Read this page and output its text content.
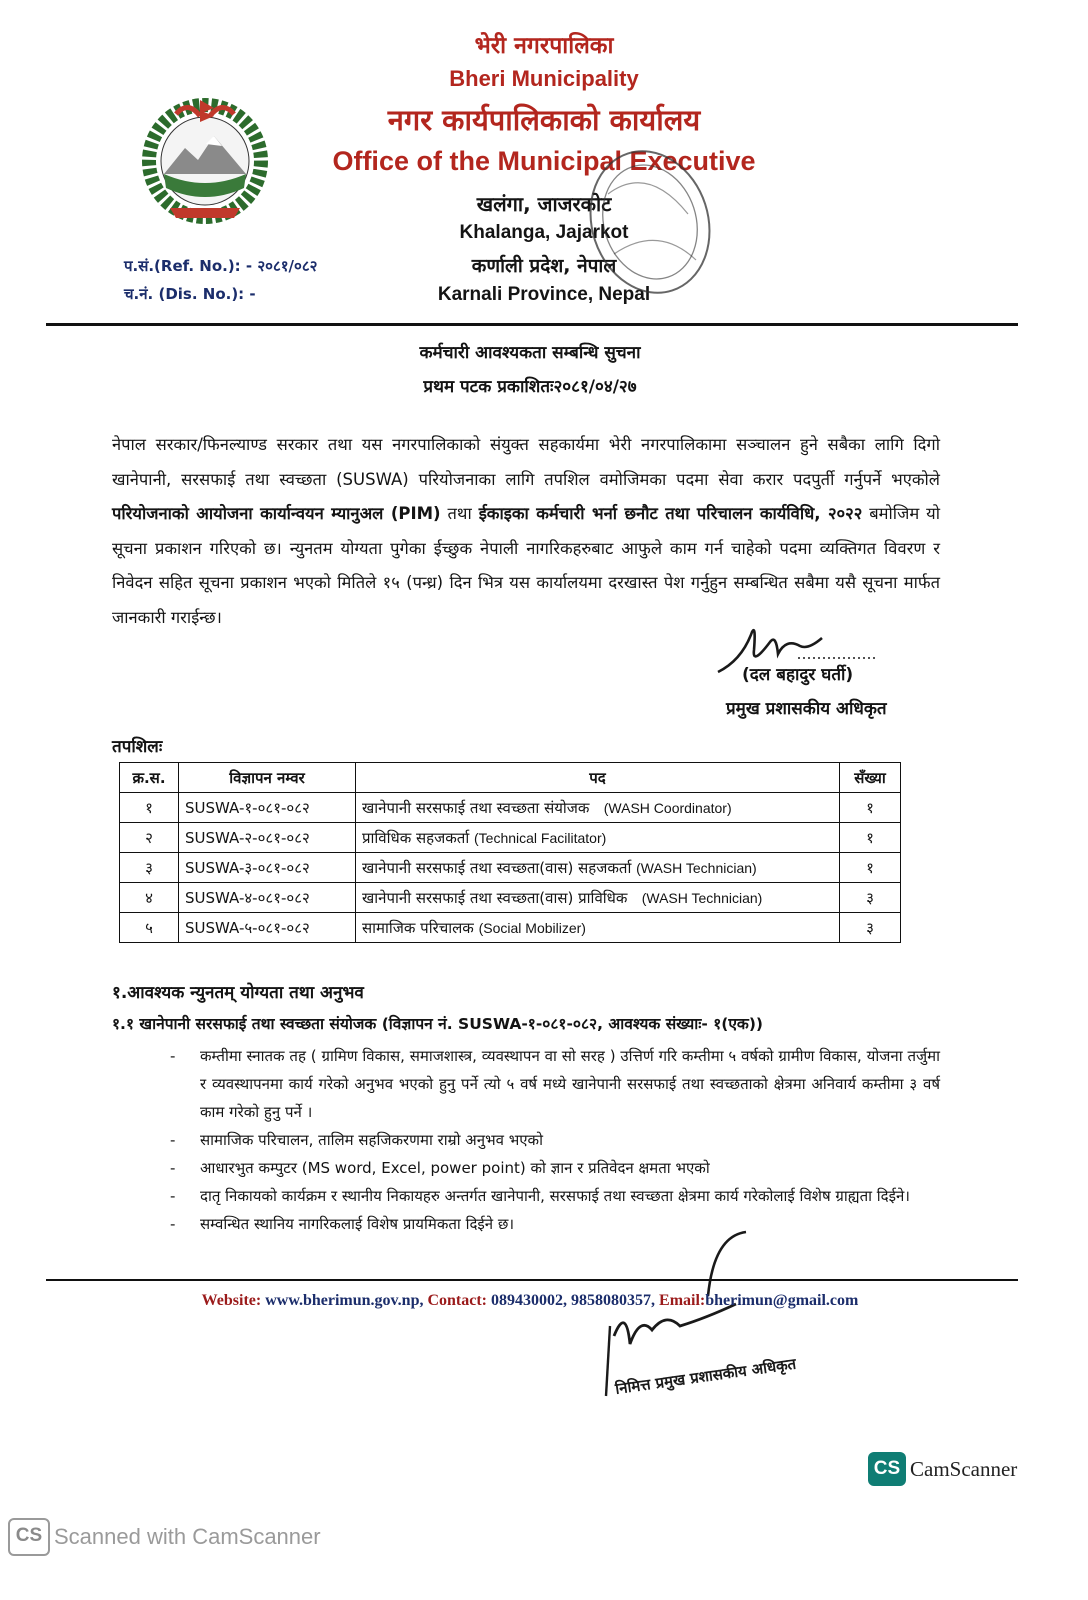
भेरी नगरपालिका
Bheri Municipality
नगर कार्यपालिकाको कार्यालय
Office of the Municipal Executive
खलंगा, जाजरकोट
Khalanga, Jajarkot
कर्णाली प्रदेश, नेपाल
Karnali Province, Nepal
प.सं.(Ref. No.): - २०८१/०८२
च.नं. (Dis. No.): -
कर्मचारी आवश्यकता सम्बन्धि सुचना
प्रथम पटक प्रकाशितः२०८१/०४/२७
नेपाल सरकार/फिनल्याण्ड सरकार तथा यस नगरपालिकाको संयुक्त सहकार्यमा भेरी नगरपालिकामा सञ्चालन हुने सबैका लागि दिगो खानेपानी, सरसफाई तथा स्वच्छता (SUSWA) परियोजनाका लागि तपशिल वमोजिमका पदमा सेवा करार पदपुर्ती गर्नुपर्ने भएकोले परियोजनाको आयोजना कार्यान्वयन म्यानुअल (PIM) तथा ईकाइका कर्मचारी भर्ना छनौट तथा परिचालन कार्यविधि, २०२२ बमोजिम यो सूचना प्रकाशन गरिएको छ। न्युनतम योग्यता पुगेका ईच्छुक नेपाली नागरिकहरुबाट आफुले काम गर्न चाहेको पदमा व्यक्तिगत विवरण र निवेदन सहित सूचना प्रकाशन भएको मितिले १५ (पन्ध्र) दिन भित्र यस कार्यालयमा दरखास्त पेश गर्नुहुन सम्बन्धित सबैमा यसै सूचना मार्फत जानकारी गराईन्छ।
(दल बहादुर घर्ती)
प्रमुख प्रशासकीय अधिकृत
तपशिलः
क्र.स.	विज्ञापन नम्वर	पद	सँख्या
१	SUSWA-१-०८१-०८२	खानेपानी सरसफाई तथा स्वच्छता संयोजक (WASH Coordinator)	१
२	SUSWA-२-०८१-०८२	प्राविधिक सहजकर्ता (Technical Facilitator)	१
३	SUSWA-३-०८१-०८२	खानेपानी सरसफाई तथा स्वच्छता(वास) सहजकर्ता (WASH Technician)	१
४	SUSWA-४-०८१-०८२	खानेपानी सरसफाई तथा स्वच्छता(वास) प्राविधिक (WASH Technician)	३
५	SUSWA-५-०८१-०८२	सामाजिक परिचालक (Social Mobilizer)	३
१.आवश्यक न्युनतम् योग्यता तथा अनुभव
१.१ खानेपानी सरसफाई तथा स्वच्छता संयोजक (विज्ञापन नं. SUSWA-१-०८१-०८२, आवश्यक संख्याः- १(एक))
- कम्तीमा स्नातक तह ( ग्रामिण विकास, समाजशास्त्र, व्यवस्थापन वा सो सरह ) उत्तिर्ण गरि कम्तीमा ५ वर्षको ग्रामीण विकास, योजना तर्जुमा र व्यवस्थापनमा कार्य गरेको अनुभव भएको हुनु पर्ने त्यो ५ वर्ष मध्ये खानेपानी सरसफाई तथा स्वच्छताको क्षेत्रमा अनिवार्य कम्तीमा ३ वर्ष काम गरेको हुनु पर्ने ।
- सामाजिक परिचालन, तालिम सहजिकरणमा राम्रो अनुभव भएको
- आधारभुत कम्पुटर (MS word, Excel, power point) को ज्ञान र प्रतिवेदन क्षमता भएको
- दातृ निकायको कार्यक्रम र स्थानीय निकायहरु अन्तर्गत खानेपानी, सरसफाई तथा स्वच्छता क्षेत्रमा कार्य गरेकोलाई विशेष ग्राह्यता दिईने।
- सम्वन्धित स्थानिय नागरिकलाई विशेष प्रायमिकता दिईने छ।
निमित्त प्रमुख प्रशासकीय अधिकृत
Website: www.bherimun.gov.np, Contact: 089430002, 9858080357, Email:bherimun@gmail.com
CS CamScanner
CS Scanned with CamScanner
